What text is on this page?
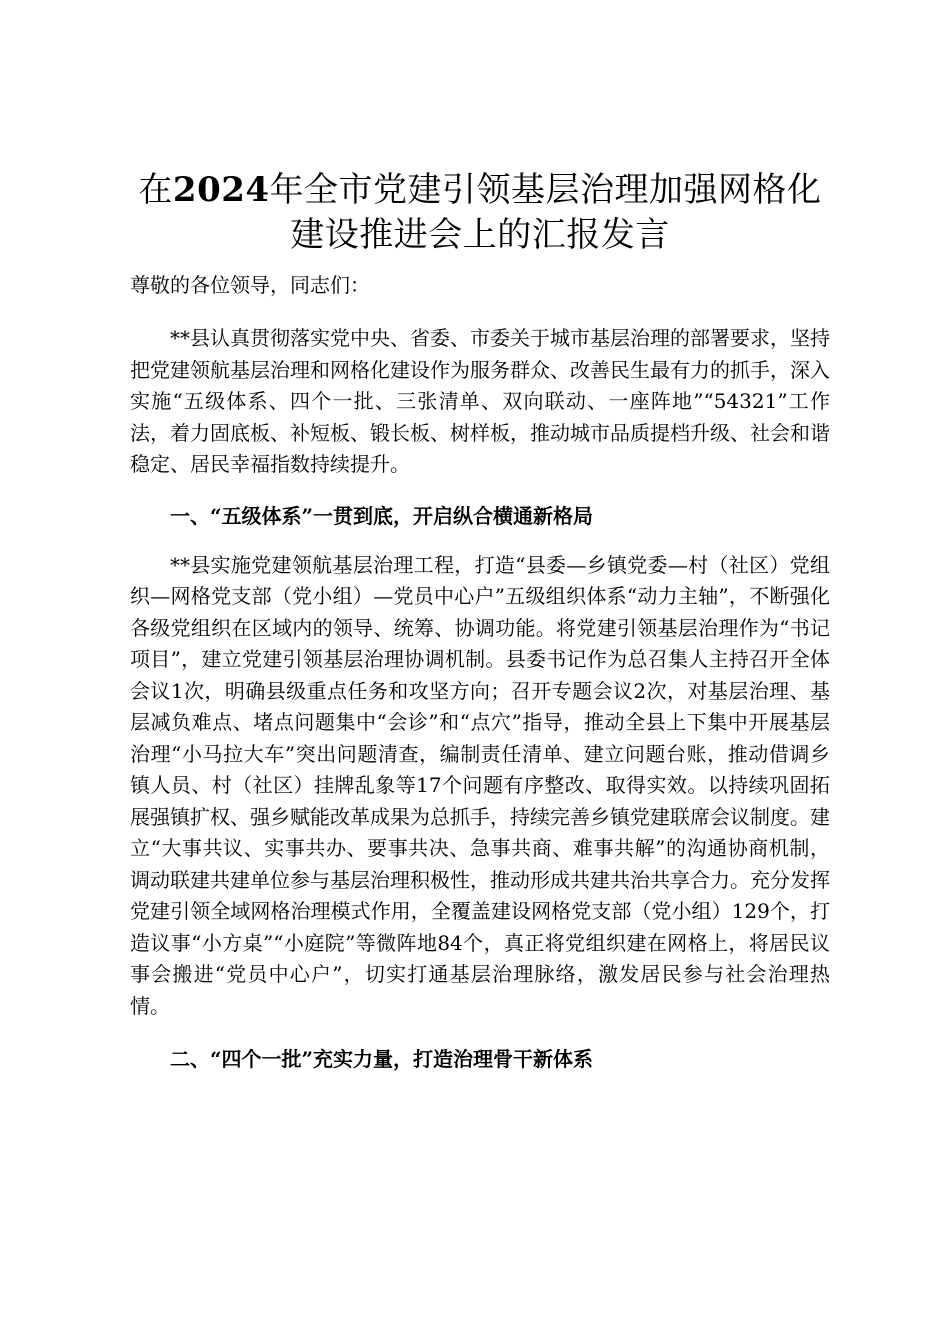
在2024年全市党建引领基层治理加强网格化
建设推进会上的汇报发言

尊敬的各位领导，同志们：

**县认真贯彻落实党中央、省委、市委关于城市基层治理的部署要求，坚持把党建领航基层治理和网格化建设作为服务群众、改善民生最有力的抓手，深入实施“五级体系、四个一批、三张清单、双向联动、一座阵地”“54321”工作法，着力固底板、补短板、锻长板、树样板，推动城市品质提档升级、社会和谐稳定、居民幸福指数持续提升。

一、“五级体系”一贯到底，开启纵合横通新格局

**县实施党建领航基层治理工程，打造“县委—乡镇党委—村（社区）党组织—网格党支部（党小组）—党员中心户”五级组织体系“动力主轴”，不断强化各级党组织在区域内的领导、统筹、协调功能。将党建引领基层治理作为“书记项目”，建立党建引领基层治理协调机制。县委书记作为总召集人主持召开全体会议1次，明确县级重点任务和攻坚方向；召开专题会议2次，对基层治理、基层减负难点、堵点问题集中“会诊”和“点穴”指导，推动全县上下集中开展基层治理“小马拉大车”突出问题清查，编制责任清单、建立问题台账，推动借调乡镇人员、村（社区）挂牌乱象等17个问题有序整改、取得实效。以持续巩固拓展强镇扩权、强乡赋能改革成果为总抓手，持续完善乡镇党建联席会议制度。建立“大事共议、实事共办、要事共决、急事共商、难事共解”的沟通协商机制，调动联建共建单位参与基层治理积极性，推动形成共建共治共享合力。充分发挥党建引领全域网格治理模式作用，全覆盖建设网格党支部（党小组）129个，打造议事“小方桌”“小庭院”等微阵地84个，真正将党组织建在网格上，将居民议事会搬进“党员中心户”，切实打通基层治理脉络，激发居民参与社会治理热情。

二、“四个一批”充实力量，打造治理骨干新体系
